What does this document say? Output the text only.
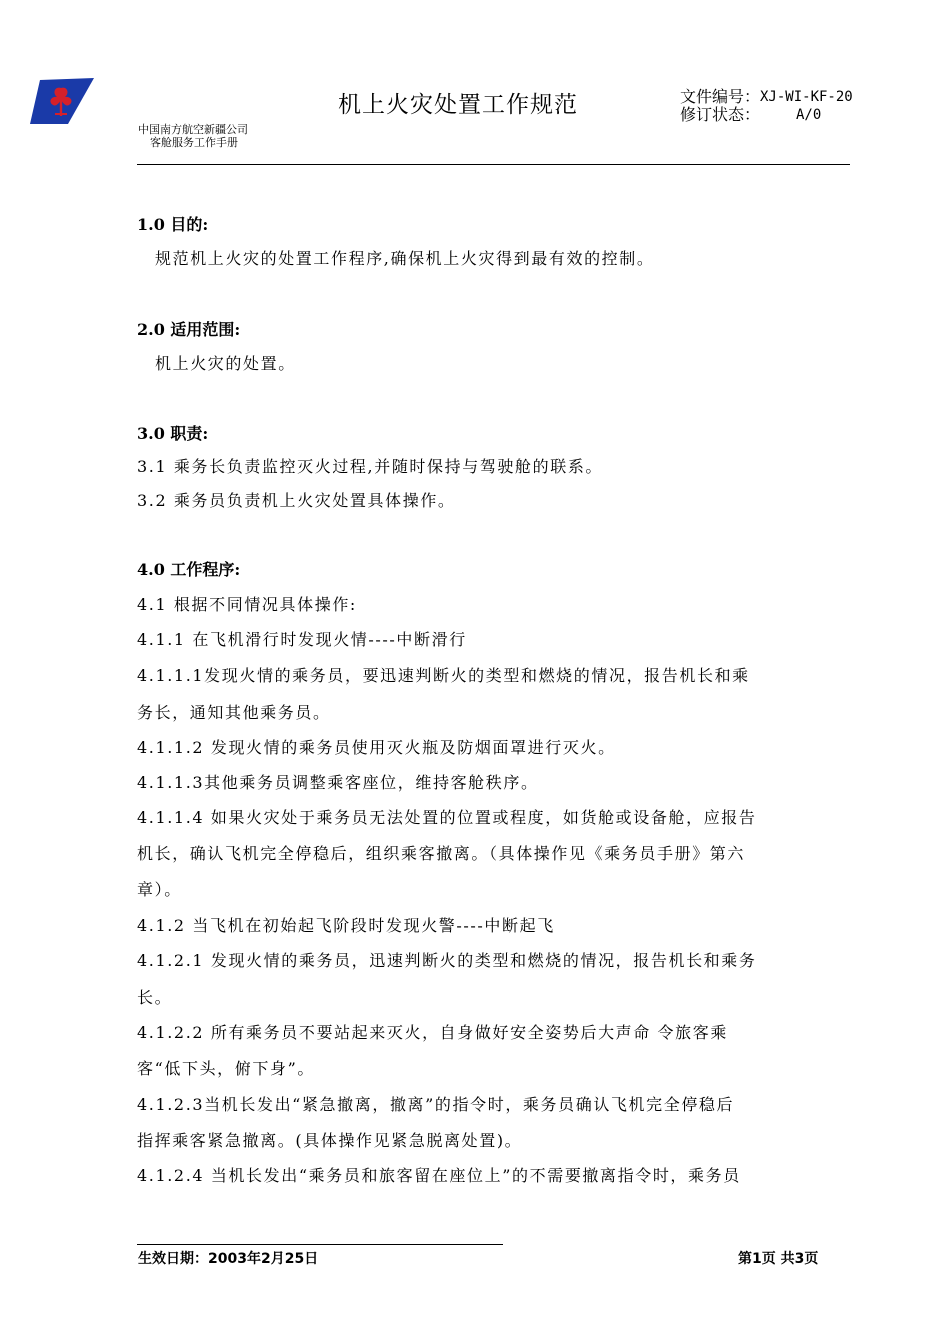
机上火灾处置工作规范	文件编号： XJ-WI-KF-20
修订状态：	A/0
中国南方航空新疆公司
客舱服务工作手册
1.0 目的:
规范机上火灾的处置工作程序,确保机上火灾得到最有效的控制。
2.0 适用范围:
机上火灾的处置。
3.0 职责:
3.1 乘务长负责监控灭火过程,并随时保持与驾驶舱的联系。
3.2 乘务员负责机上火灾处置具体操作。
4.0 工作程序:
4.1 根据不同情况具体操作:
4.1.1 在飞机滑行时发现火情----中断滑行
4.1.1.1发现火情的乘务员，要迅速判断火的类型和燃烧的情况，报告机长和乘
务长，通知其他乘务员。
4.1.1.2 发现火情的乘务员使用灭火瓶及防烟面罩进行灭火。
4.1.1.3其他乘务员调整乘客座位，维持客舱秩序。
4.1.1.4 如果火灾处于乘务员无法处置的位置或程度，如货舱或设备舱，应报告
机长，确认飞机完全停稳后，组织乘客撤离。（具体操作见《乘务员手册》第六
章）。
4.1.2 当飞机在初始起飞阶段时发现火警----中断起飞
4.1.2.1 发现火情的乘务员，迅速判断火的类型和燃烧的情况，报告机长和乘务
长。
4.1.2.2 所有乘务员不要站起来灭火，自身做好安全姿势后大声命 令旅客乘
客“低下头，俯下身”。
4.1.2.3当机长发出“紧急撤离，撤离”的指令时，乘务员确认飞机完全停稳后
指挥乘客紧急撤离。(具体操作见紧急脱离处置)。
4.1.2.4 当机长发出“乘务员和旅客留在座位上”的不需要撤离指令时，乘务员
生效日期：2003年2月25日	第1页 共3页
